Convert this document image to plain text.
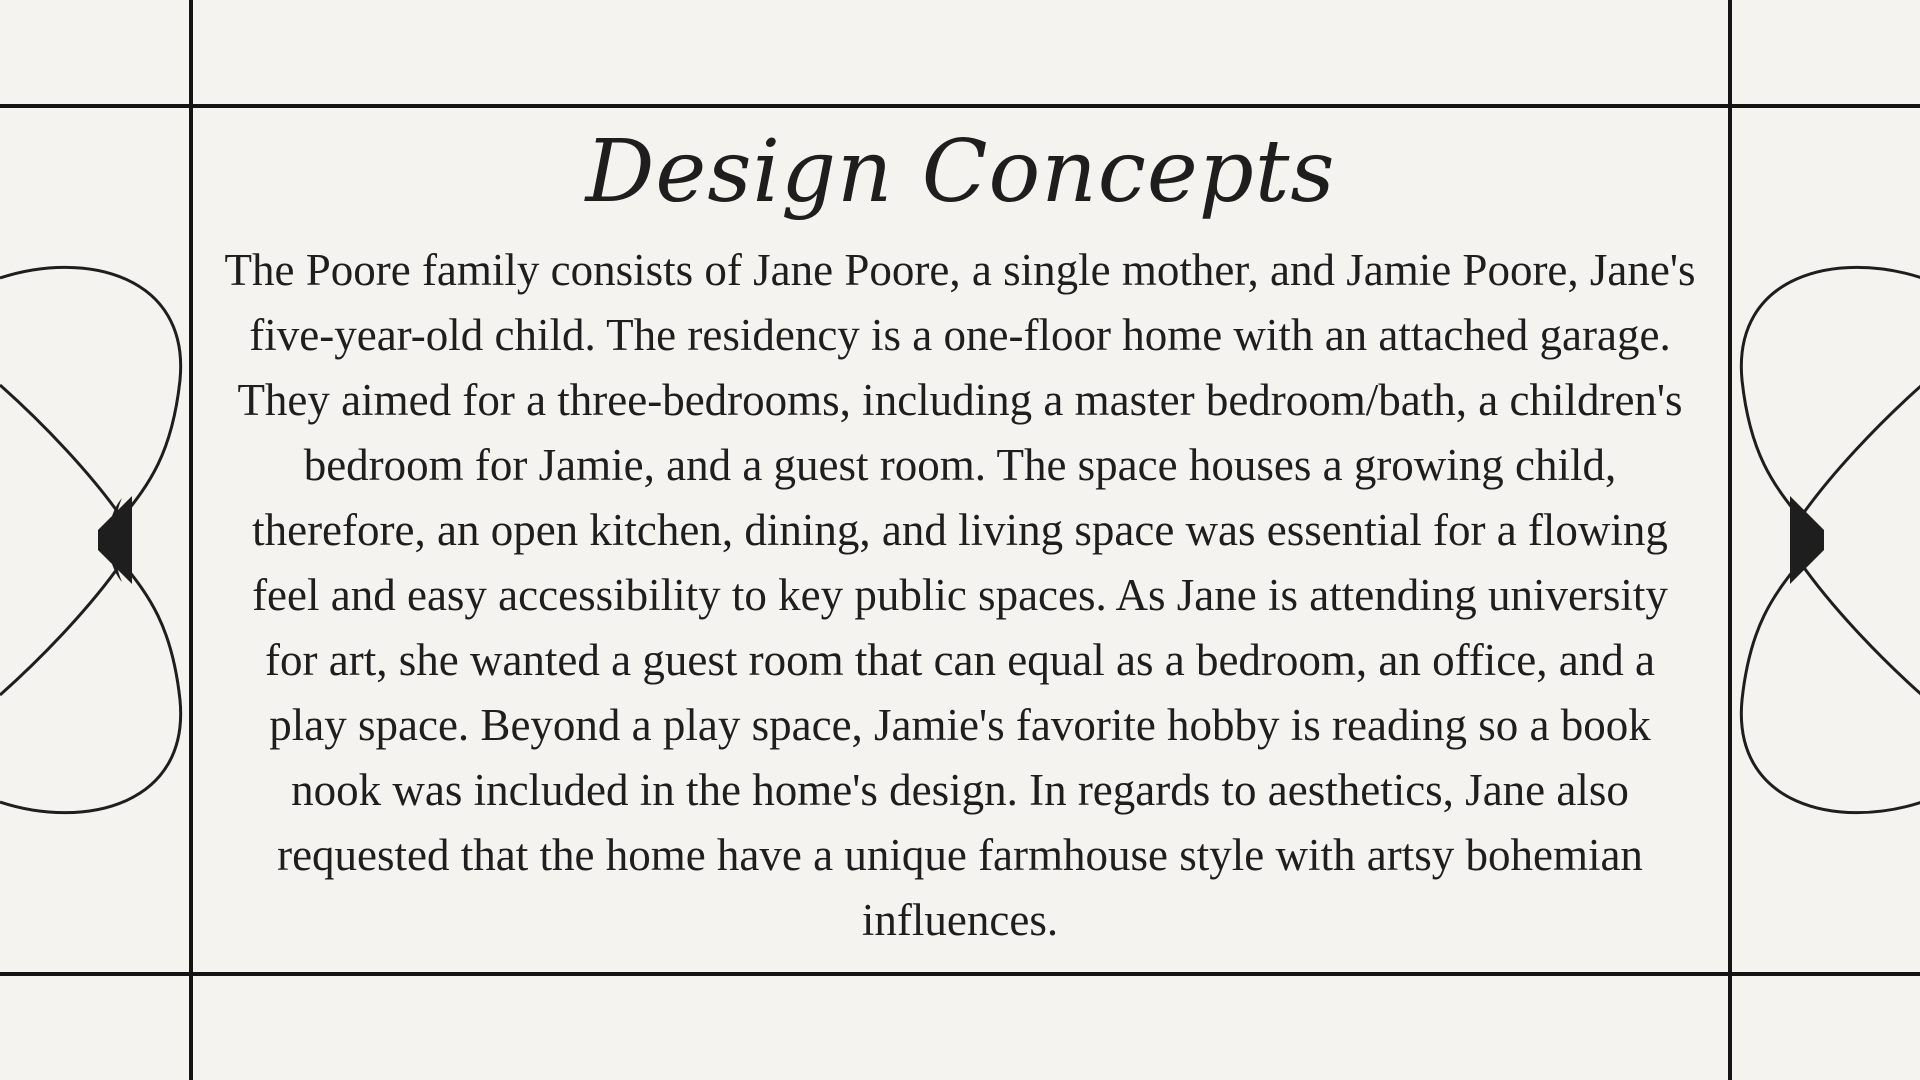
Design Concepts

The Poore family consists of Jane Poore, a single mother, and Jamie Poore, Jane's five-year-old child. The residency is a one-floor home with an attached garage. They aimed for a three-bedrooms, including a master bedroom/bath, a children's bedroom for Jamie, and a guest room. The space houses a growing child, therefore, an open kitchen, dining, and living space was essential for a flowing feel and easy accessibility to key public spaces. As Jane is attending university for art, she wanted a guest room that can equal as a bedroom, an office, and a play space. Beyond a play space, Jamie's favorite hobby is reading so a book nook was included in the home's design. In regards to aesthetics, Jane also requested that the home have a unique farmhouse style with artsy bohemian influences.
